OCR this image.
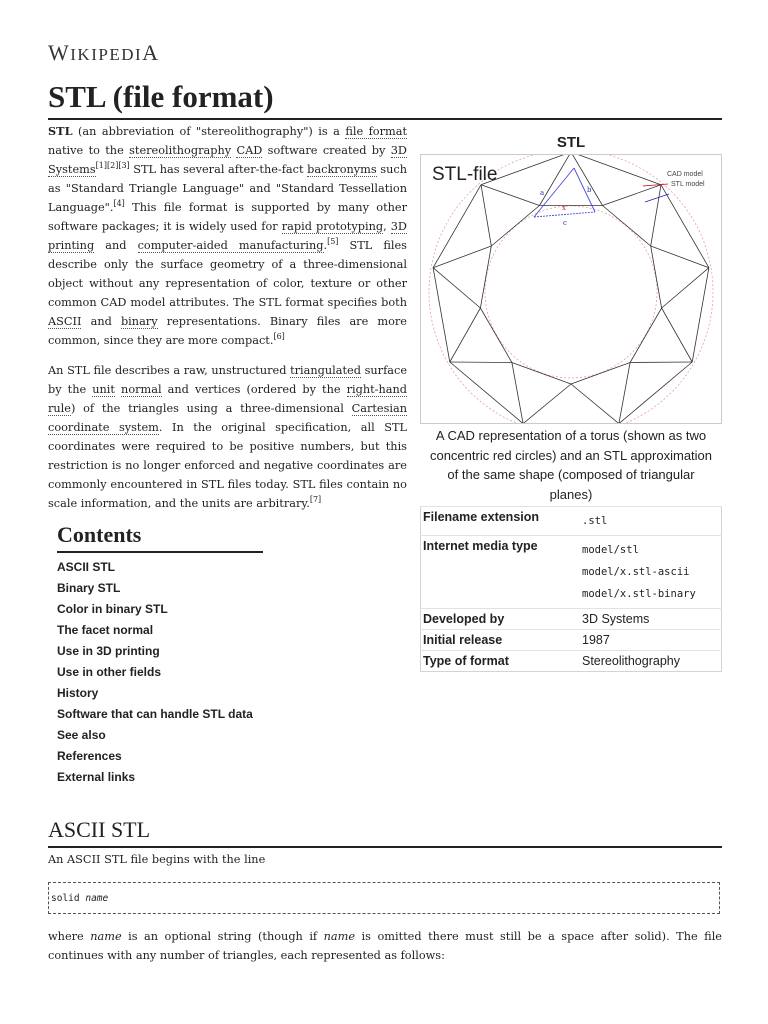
WIKIPEDIA
STL (file format)

STL (an abbreviation of "stereolithography") is a file format native to the stereolithography CAD software created by 3D Systems[1][2][3] STL has several after-the-fact backronyms such as "Standard Triangle Language" and "Standard Tessellation Language".[4] This file format is supported by many other software packages; it is widely used for rapid prototyping, 3D printing and computer-aided manufacturing.[5] STL files describe only the surface geometry of a three-dimensional object without any representation of color, texture or other common CAD model attributes. The STL format specifies both ASCII and binary representations. Binary files are more common, since they are more compact.[6]

An STL file describes a raw, unstructured triangulated surface by the unit normal and vertices (ordered by the right-hand rule) of the triangles using a three-dimensional Cartesian coordinate system. In the original specification, all STL coordinates were required to be positive numbers, but this restriction is no longer enforced and negative coordinates are commonly encountered in STL files today. STL files contain no scale information, and the units are arbitrary.[7]

STL
STL-file	CAD model
STL model
a	b
c
x
A CAD representation of a torus (shown as two concentric red circles) and an STL approximation of the same shape (composed of triangular planes)
Filename extension	.stl

Internet media type	model/stl
model/x.stl-ascii
model/x.stl-binary

Developed by	3D Systems

Initial release	1987

Type of format	Stereolithography
Contents
ASCII STL
Binary STL
Color in binary STL
The facet normal
Use in 3D printing
Use in other fields
History
Software that can handle STL data
See also
References
External links
ASCII STL
An ASCII STL file begins with the line
solid name
where name is an optional string (though if name is omitted there must still be a space after solid). The file continues with any number of triangles, each represented as follows:
